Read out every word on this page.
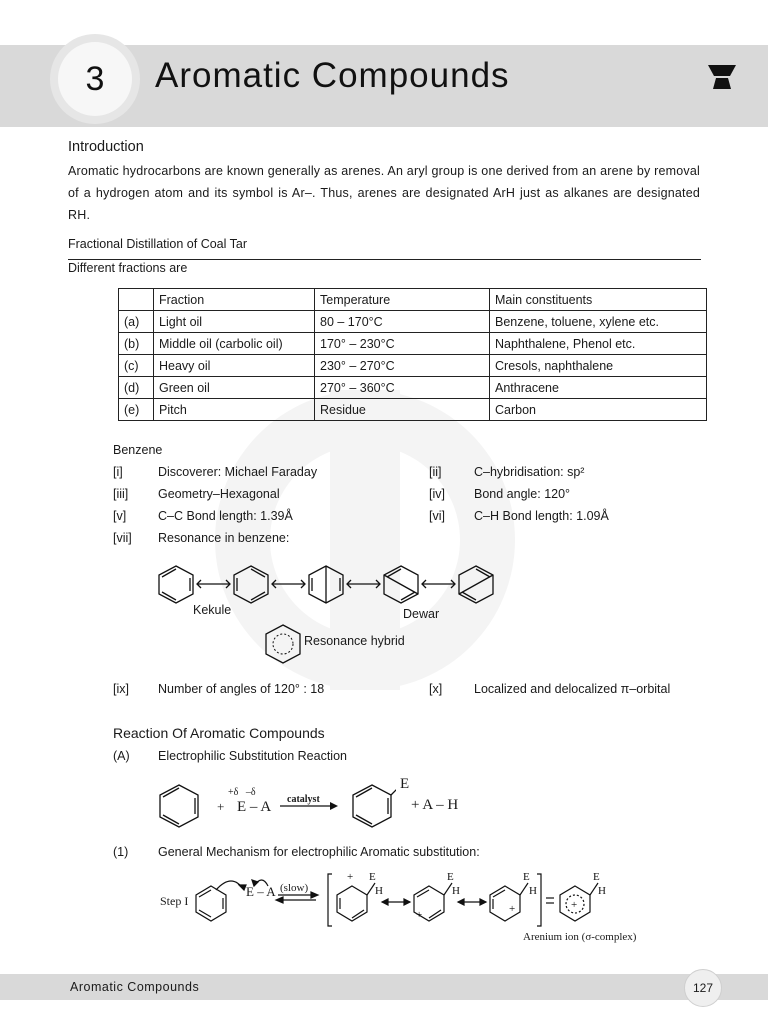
3	Aromatic Compounds
Introduction
Aromatic hydrocarbons are known generally as arenes. An aryl group is one derived from an arene by removal of a hydrogen atom and its symbol is Ar–. Thus, arenes are designated ArH just as alkanes are designated RH.
Fractional Distillation of Coal Tar
Different fractions are
	Fraction	Temperature	Main constituents
(a)	Light oil	80 – 170°C	Benzene, toluene, xylene etc.
(b)	Middle oil (carbolic oil)	170° – 230°C	Naphthalene, Phenol etc.
(c)	Heavy oil	230° – 270°C	Cresols, naphthalene
(d)	Green oil	270° – 360°C	Anthracene
(e)	Pitch	Residue	Carbon
Benzene
[i]	Discoverer: Michael Faraday	[ii]	C–hybridisation: sp²
[iii] Geometry–Hexagonal	[iv] Bond angle: 120°
[v]	C–C Bond length: 1.39Å	[vi] C–H Bond length: 1.09Å
[vii] Resonance in benzene:
Kekule	Dewar
Resonance hybrid
[ix] Number of angles of 120° : 18	[x]	Localized and delocalized π–orbital
Reaction Of Aromatic Compounds
(A) Electrophilic Substitution Reaction
+
+δ   –δ
E – A catalyst
E
+ A – H
(1) General Mechanism for electrophilic Aromatic substitution:
Step I
+ E
H
+
E
H
+
E
H
+
E
H
E – A (slow)
Arenium ion (σ-complex)
Aromatic Compounds	127
